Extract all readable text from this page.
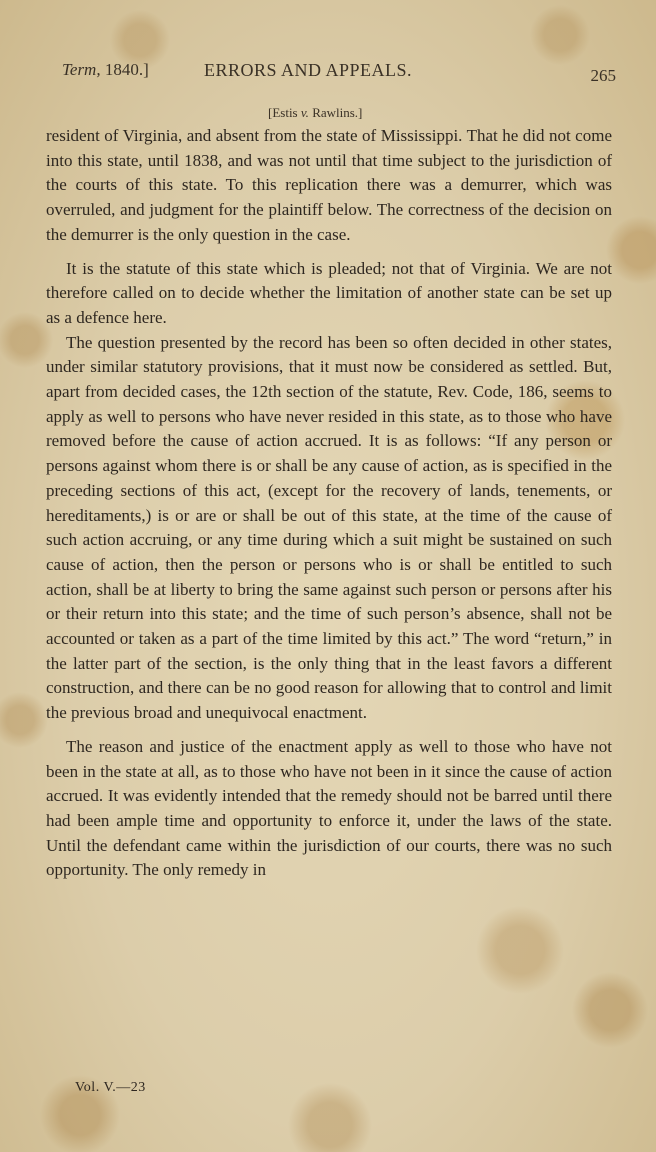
Term, 1840.]	ERRORS AND APPEALS.	265
[Estis v. Rawlins.]

resident of Virginia, and absent from the state of Mississippi. That he did not come into this state, until 1838, and was not until that time subject to the jurisdiction of the courts of this state. To this replication there was a demurrer, which was overruled, and judgment for the plaintiff below. The correctness of the decision on the demurrer is the only question in the case.

It is the statute of this state which is pleaded; not that of Virginia. We are not therefore called on to decide whether the limitation of another state can be set up as a defence here.

The question presented by the record has been so often decided in other states, under similar statutory provisions, that it must now be considered as settled. But, apart from decided cases, the 12th section of the statute, Rev. Code, 186, seems to apply as well to persons who have never resided in this state, as to those who have removed before the cause of action accrued. It is as follows: “If any person or persons against whom there is or shall be any cause of action, as is specified in the preceding sections of this act, (except for the recovery of lands, tenements, or hereditaments,) is or are or shall be out of this state, at the time of the cause of such action accruing, or any time during which a suit might be sustained on such cause of action, then the person or persons who is or shall be entitled to such action, shall be at liberty to bring the same against such person or persons after his or their return into this state; and the time of such person’s absence, shall not be accounted or taken as a part of the time limited by this act.” The word “return,” in the latter part of the section, is the only thing that in the least favors a different construction, and there can be no good reason for allowing that to control and limit the previous broad and unequivocal enactment.

The reason and justice of the enactment apply as well to those who have not been in the state at all, as to those who have not been in it since the cause of action accrued. It was evidently intended that the remedy should not be barred until there had been ample time and opportunity to enforce it, under the laws of the state. Until the defendant came within the jurisdiction of our courts, there was no such opportunity. The only remedy in

Vol. V.—23
